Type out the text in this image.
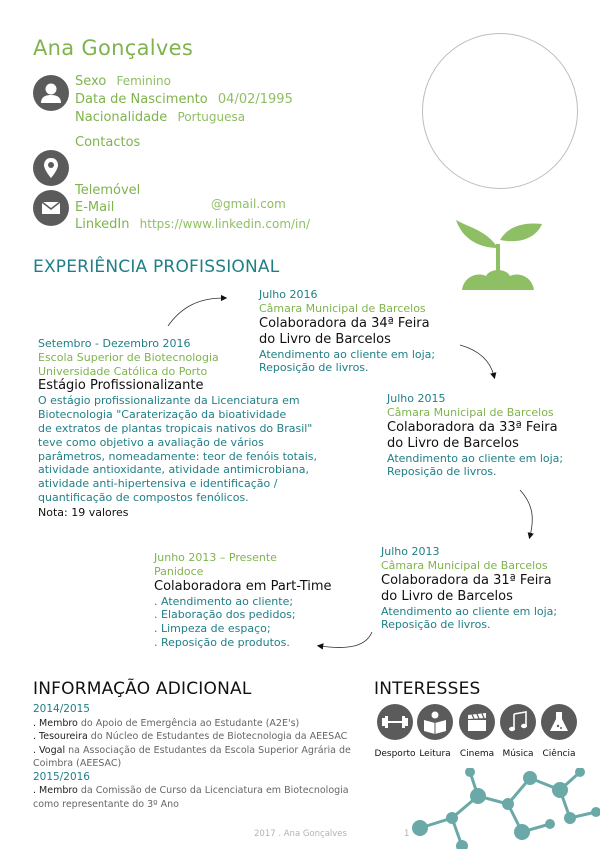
Ana Gonçalves
Sexo Feminino
Data de Nascimento 04/02/1995
Nacionalidade Portuguesa
Contactos
Telemóvel
E-Mail
LinkedIn https://www.linkedin.com/in/
@gmail.com
EXPERIÊNCIA PROFISSIONAL
Setembro - Dezembro 2016
Escola Superior de Biotecnologia
Universidade Católica do Porto
Estágio Profissionalizante
O estágio profissionalizante da Licenciatura em
Biotecnologia "Caraterização da bioatividade
de extratos de plantas tropicais nativos do Brasil"
teve como objetivo a avaliação de vários
parâmetros, nomeadamente: teor de fenóis totais,
atividade antioxidante, atividade antimicrobiana,
atividade anti-hipertensiva e identificação /
quantificação de compostos fenólicos.
Nota: 19 valores
Julho 2016
Câmara Municipal de Barcelos
Colaboradora da 34ª Feira
do Livro de Barcelos
Atendimento ao cliente em loja;
Reposição de livros.
Julho 2015
Câmara Municipal de Barcelos
Colaboradora da 33ª Feira
do Livro de Barcelos
Atendimento ao cliente em loja;
Reposição de livros.
Julho 2013
Câmara Municipal de Barcelos
Colaboradora da 31ª Feira
do Livro de Barcelos
Atendimento ao cliente em loja;
Reposição de livros.
Junho 2013 – Presente
Panidoce
Colaboradora em Part-Time
. Atendimento ao cliente;
. Elaboração dos pedidos;
. Limpeza de espaço;
. Reposição de produtos.
INFORMAÇÃO ADICIONAL
2014/2015
. Membro do Apoio de Emergência ao Estudante (A2E's)
. Tesoureira do Núcleo de Estudantes de Biotecnologia da AEESAC
. Vogal na Associação de Estudantes da Escola Superior Agrária de
Coimbra (AEESAC)
2015/2016
. Membro da Comissão de Curso da Licenciatura em Biotecnologia
como representante do 3º Ano
INTERESSES
Desporto Leitura	Cinema Música Ciência
2017 . Ana Gonçalves	1
